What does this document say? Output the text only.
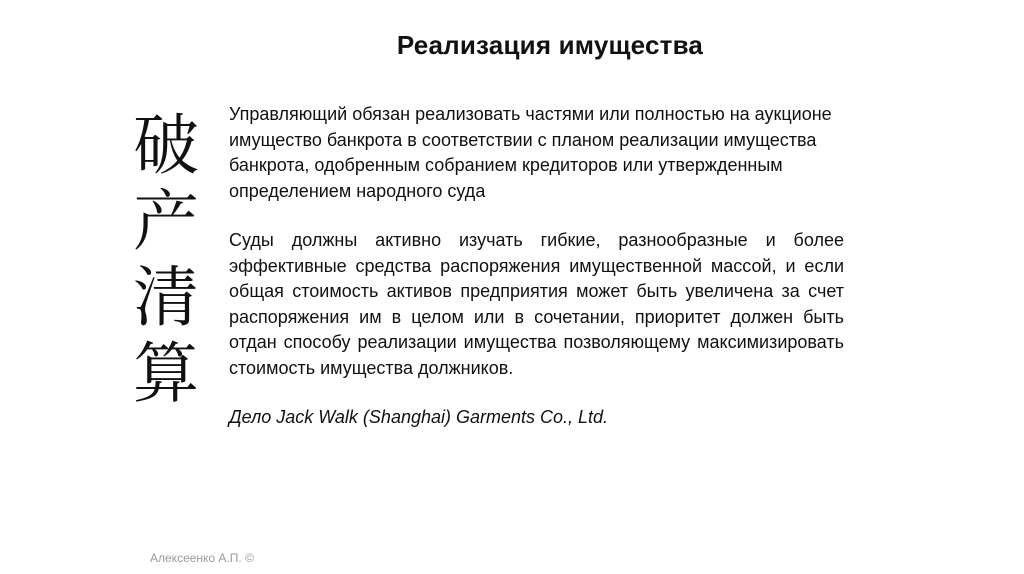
Реализация имущества
破
产
清
算

Управляющий обязан реализовать частями или полностью на аукционе имущество банкрота в соответствии с планом реализации имущества банкрота, одобренным собранием кредиторов или утвержденным определением народного суда

Суды должны активно изучать гибкие, разнообразные и более эффективные средства распоряжения имущественной массой, и если общая стоимость активов предприятия может быть увеличена за счет распоряжения им в целом или в сочетании, приоритет должен быть отдан способу реализации имущества позволяющему максимизировать стоимость имущества должников.

Дело Jack Walk (Shanghai) Garments Co., Ltd.

Алексеенко А.П. ©
